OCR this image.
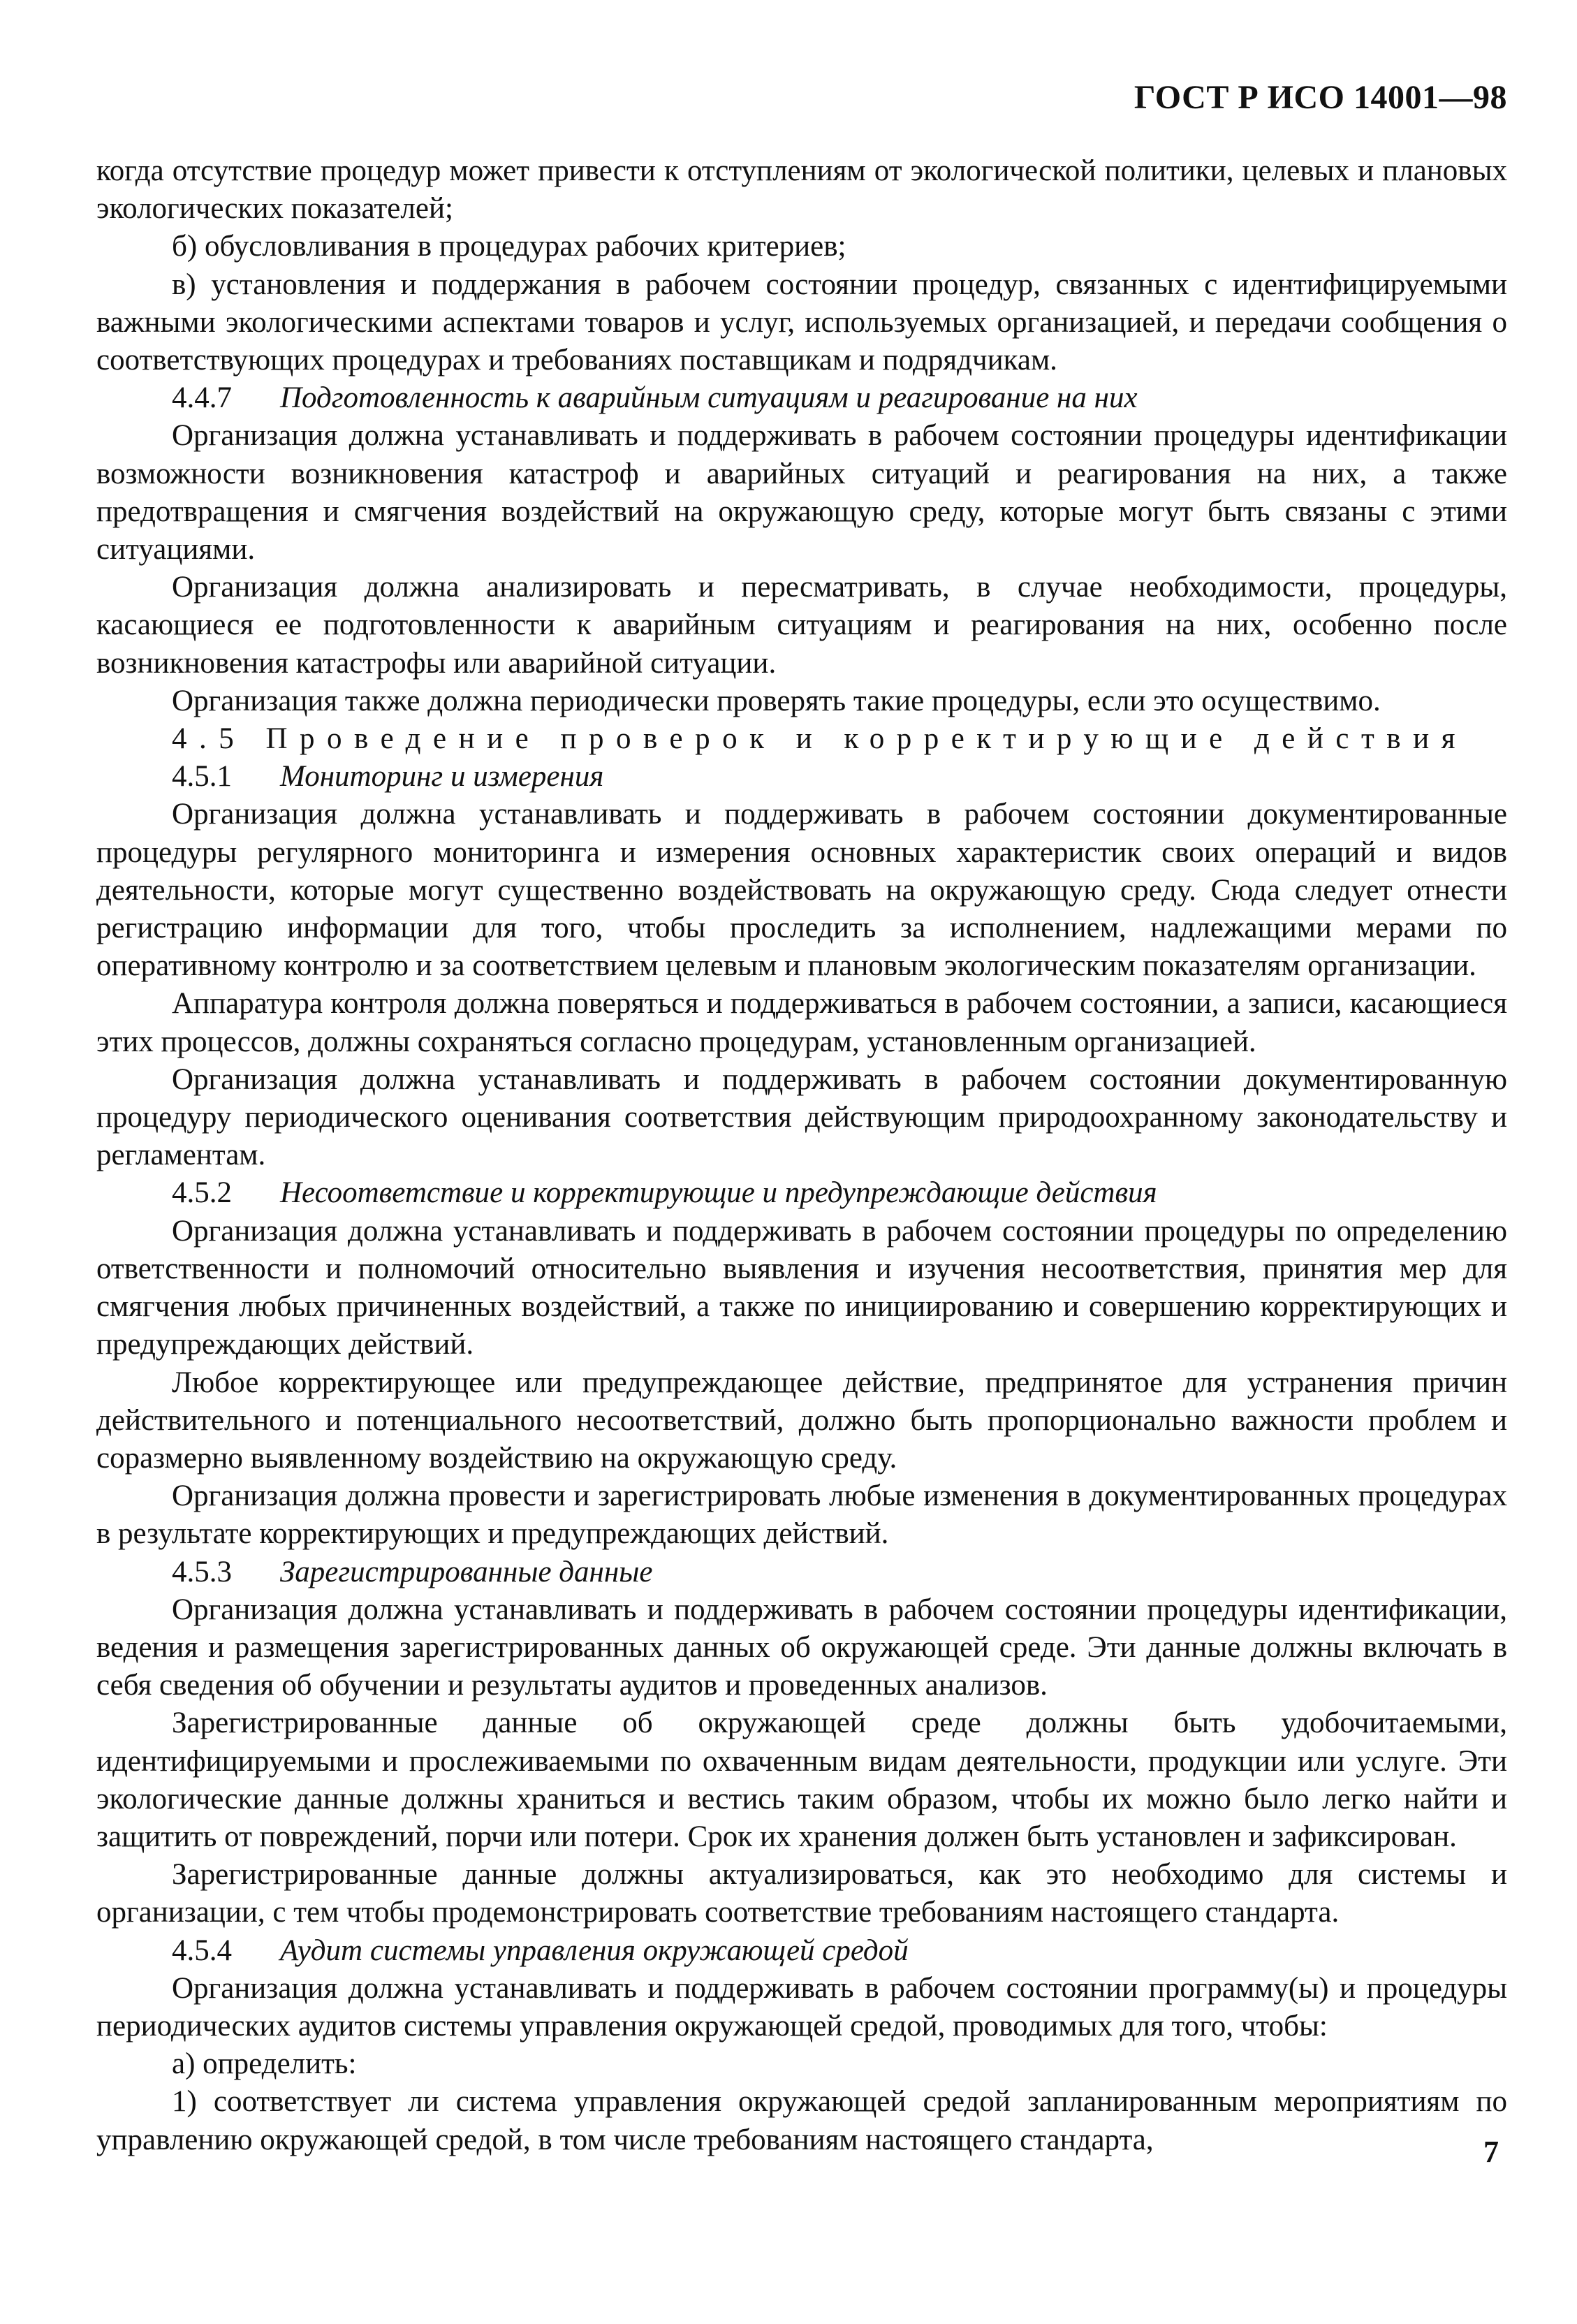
ГОСТ Р ИСО 14001—98

когда отсутствие процедур может привести к отступлениям от экологической политики, целевых и плановых экологических показателей;

б) обусловливания в процедурах рабочих критериев;

в) установления и поддержания в рабочем состоянии процедур, связанных с идентифицируемыми важными экологическими аспектами товаров и услуг, используемых организацией, и передачи сообщения о соответствующих процедурах и требованиях поставщикам и подрядчикам.

4.4.7 Подготовленность к аварийным ситуациям и реагирование на них

Организация должна устанавливать и поддерживать в рабочем состоянии процедуры идентификации возможности возникновения катастроф и аварийных ситуаций и реагирования на них, а также предотвращения и смягчения воздействий на окружающую среду, которые могут быть связаны с этими ситуациями.

Организация должна анализировать и пересматривать, в случае необходимости, процедуры, касающиеся ее подготовленности к аварийным ситуациям и реагирования на них, особенно после возникновения катастрофы или аварийной ситуации.

Организация также должна периодически проверять такие процедуры, если это осуществимо.

4.5 Проведение проверок и корректирующие действия

4.5.1 Мониторинг и измерения

Организация должна устанавливать и поддерживать в рабочем состоянии документированные процедуры регулярного мониторинга и измерения основных характеристик своих операций и видов деятельности, которые могут существенно воздействовать на окружающую среду. Сюда следует отнести регистрацию информации для того, чтобы проследить за исполнением, надлежащими мерами по оперативному контролю и за соответствием целевым и плановым экологическим показателям организации.

Аппаратура контроля должна поверяться и поддерживаться в рабочем состоянии, а записи, касающиеся этих процессов, должны сохраняться согласно процедурам, установленным организацией.

Организация должна устанавливать и поддерживать в рабочем состоянии документированную процедуру периодического оценивания соответствия действующим природоохранному законодательству и регламентам.

4.5.2 Несоответствие и корректирующие и предупреждающие действия

Организация должна устанавливать и поддерживать в рабочем состоянии процедуры по определению ответственности и полномочий относительно выявления и изучения несоответствия, принятия мер для смягчения любых причиненных воздействий, а также по инициированию и совершению корректирующих и предупреждающих действий.

Любое корректирующее или предупреждающее действие, предпринятое для устранения причин действительного и потенциального несоответствий, должно быть пропорционально важности проблем и соразмерно выявленному воздействию на окружающую среду.

Организация должна провести и зарегистрировать любые изменения в документированных процедурах в результате корректирующих и предупреждающих действий.

4.5.3 Зарегистрированные данные

Организация должна устанавливать и поддерживать в рабочем состоянии процедуры идентификации, ведения и размещения зарегистрированных данных об окружающей среде. Эти данные должны включать в себя сведения об обучении и результаты аудитов и проведенных анализов.

Зарегистрированные данные об окружающей среде должны быть удобочитаемыми, идентифицируемыми и прослеживаемыми по охваченным видам деятельности, продукции или услуге. Эти экологические данные должны храниться и вестись таким образом, чтобы их можно было легко найти и защитить от повреждений, порчи или потери. Срок их хранения должен быть установлен и зафиксирован.

Зарегистрированные данные должны актуализироваться, как это необходимо для системы и организации, с тем чтобы продемонстрировать соответствие требованиям настоящего стандарта.

4.5.4 Аудит системы управления окружающей средой

Организация должна устанавливать и поддерживать в рабочем состоянии программу(ы) и процедуры периодических аудитов системы управления окружающей средой, проводимых для того, чтобы:

а) определить:

1) соответствует ли система управления окружающей средой запланированным мероприятиям по управлению окружающей средой, в том числе требованиям настоящего стандарта,	7
